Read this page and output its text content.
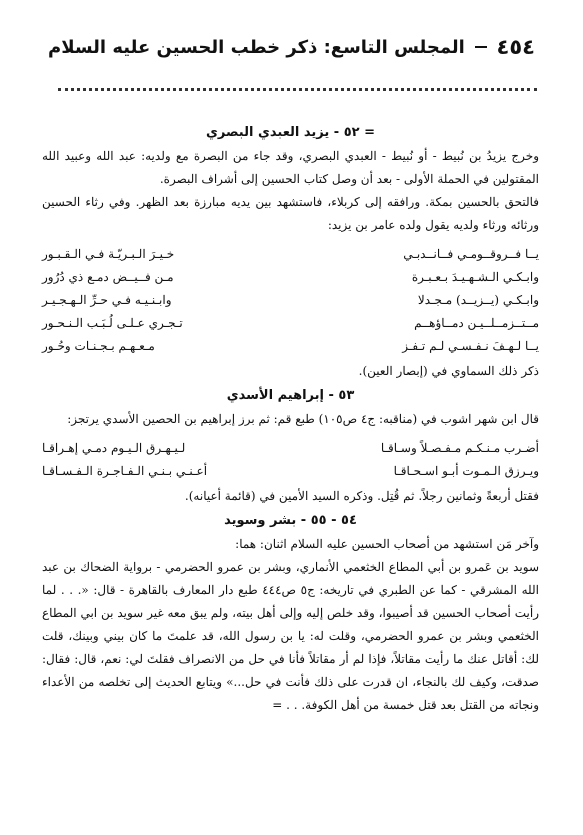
٤٥٤
المجلس التاسع: ذكر خطب الحسين عليه السلام
= ٥٢ - يزيد العبدي البصري

وخرج يزيدُ بن نُبيط - أو نُبيط - العبدي البصري، وقد جاء من البصرة مع ولديه: عبد الله وعبيد الله المقتولين في الحملة الأولى - بعد أن وصل كتاب الحسين إلى أشراف البصرة.

فالتحق بالحسين بمكة. ورافقه إلى كربلاء، فاستشهد بين يديه مبارزة بعد الظهر. وفي رثاء الحسين ورثائه ورثاء ولديه يقول ولده عامر بن يزيد:

يــا فــروقــومـي فــانــدبـي
خـيـرَ الـبـريّـة فـي الـقـبـور
وابـكـي الـشـهـيـدَ بـعـبـرة
مـن فــيــض دمـع ذي دُرُور
وابـكـي (يــزيــد) مـجـدلا
وابـنـيـه فـي حـرِّ الـهـجـيـر
مــتــزمــلــيـن دمــاؤهــم
تـجـري عـلـى لُـبَـب الـنـحـور
يــا لـهـفَ نـفـسـي لـم تـفـز
مـعـهـم بـجـنـات وحُـور

ذكر ذلك السماوي في (إبصار العين).

٥٣ - إبراهيم الأسدي

قال ابن شهر اشوب في (مناقبه: ج٤ ص١٠٥) طبع قم: ثم برز إبراهيم بن الحصين الأسدي يرتجز:

أضـرب مـنـكـم مـفـصـلاً وسـاقـا
لـيـهـرق الـيـوم دمـي إهـراقـا
ويـرزق الـمـوت أبـو اسـحـاقـا
أعـنـي بـنـي الـفـاجـرة الـفـسـاقـا

فقتل أربعةً وثمانين رجلاً. ثم قُتِل. وذكره السيد الأمين في (قائمة أعيانه).

٥٤ - ٥٥ - بشر وسويد

وآخر مَن استشهد من أصحاب الحسين عليه السلام اثنان: هما:

سويد بن عَمرو بن أبي المطاع الخثعمي الأنماري، وبشر بن عمرو الحضرمي - برواية الضحاك بن عبد الله المشرقي - كما عن الطبري في تاريخه: ج٥ ص٤٤٤ طبع دار المعارف بالقاهرة - قال: «. . . لما رأيت أصحاب الحسين قد أصيبوا، وقد خلص إليه وإلى أهل بيته، ولم يبق معه غير سويد بن ابي المطاع الخثعمي وبشر بن عمرو الحضرمي، وقلت له: يا بن رسول الله، قد علمتَ ما كان بيني وبينك، قلت لك: أقاتل عنك ما رأيت مقاتلاً، فإذا لم أر مقاتلاً فأنا في حل من الانصراف فقلتَ لي: نعم، قال: فقال: صدقت، وكيف لك بالنجاء، ان قدرت على ذلك فأنت في حل...» ويتابع الحديث إلى تخلصه من الأعداء ونجاته من القتل بعد قتل خمسة من أهل الكوفة. . . =
